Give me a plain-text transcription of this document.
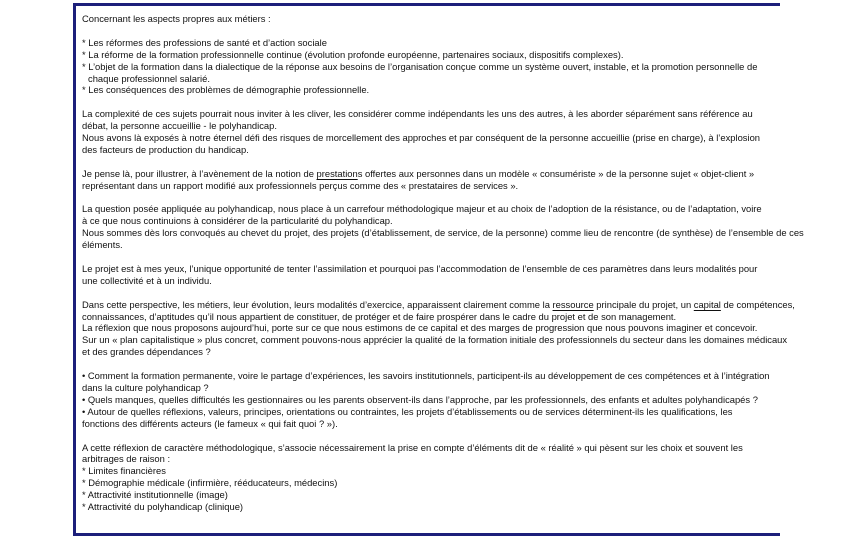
Concernant les aspects propres aux métiers :

* Les réformes des professions de santé et d’action sociale

* La réforme de la formation professionnelle continue (évolution profonde européenne, partenaires sociaux, dispositifs complexes).

* L’objet de la formation dans la dialectique de la réponse aux besoins de l’organisation conçue comme un système ouvert, instable, et la promotion personnelle de

chaque professionnel salarié.

* Les conséquences des problèmes de démographie professionnelle.

La complexité de ces sujets pourrait nous inviter à les cliver, les considérer comme indépendants les uns des autres, à les aborder séparément sans référence au

débat, la personne accueillie - le polyhandicap.

Nous avons là exposés à notre éternel défi des risques de morcellement des approches et par conséquent de la personne accueillie (prise en charge), à l’explosion

des facteurs de production du handicap.

Je pense là, pour illustrer, à l’avènement de la notion de prestations offertes aux personnes dans un modèle « consumériste » de la personne sujet « objet-client »

représentant dans un rapport modifié aux professionnels perçus comme des « prestataires de services ».

La question posée appliquée au polyhandicap, nous place à un carrefour méthodologique majeur et au choix de l’adoption de la résistance, ou de l’adaptation, voire

à ce que nous continuions à considérer de la particularité du polyhandicap.

Nous sommes dès lors convoqués au chevet du projet, des projets (d’établissement, de service, de la personne) comme lieu de rencontre (de synthèse) de l’ensemble de ces

éléments.

Le projet est à mes yeux, l’unique opportunité de tenter l’assimilation et pourquoi pas l’accommodation de l’ensemble de ces paramètres dans leurs modalités pour

une collectivité et à un individu.

Dans cette perspective, les métiers, leur évolution, leurs modalités d’exercice, apparaissent clairement comme la ressource principale du projet, un capital de compétences,

connaissances, d’aptitudes qu’il nous appartient de constituer, de protéger et de faire prospérer dans le cadre du projet et de son management.

La réflexion que nous proposons aujourd’hui, porte sur ce que nous estimons de ce capital et des marges de progression que nous pouvons imaginer et concevoir.

Sur un « plan capitalistique » plus concret, comment pouvons-nous apprécier la qualité de la formation initiale des professionnels du secteur dans les domaines médicaux

et des grandes dépendances ?

• Comment la formation permanente, voire le partage d’expériences, les savoirs institutionnels, participent-ils au développement de ces compétences et à l’intégration

dans la culture polyhandicap ?

• Quels manques, quelles difficultés les gestionnaires ou les parents observent-ils dans l’approche, par les professionnels, des enfants et adultes polyhandicapés ?

• Autour de quelles réflexions, valeurs, principes, orientations ou contraintes, les projets d’établissements ou de services déterminent-ils les qualifications, les

fonctions des différents acteurs (le fameux « qui fait quoi ? »).

A cette réflexion de caractère méthodologique, s’associe nécessairement la prise en compte d’éléments dit de « réalité » qui pèsent sur les choix et souvent les

arbitrages de raison :

* Limites financières

* Démographie médicale (infirmière, rééducateurs, médecins)

* Attractivité institutionnelle (image)

* Attractivité du polyhandicap (clinique)
